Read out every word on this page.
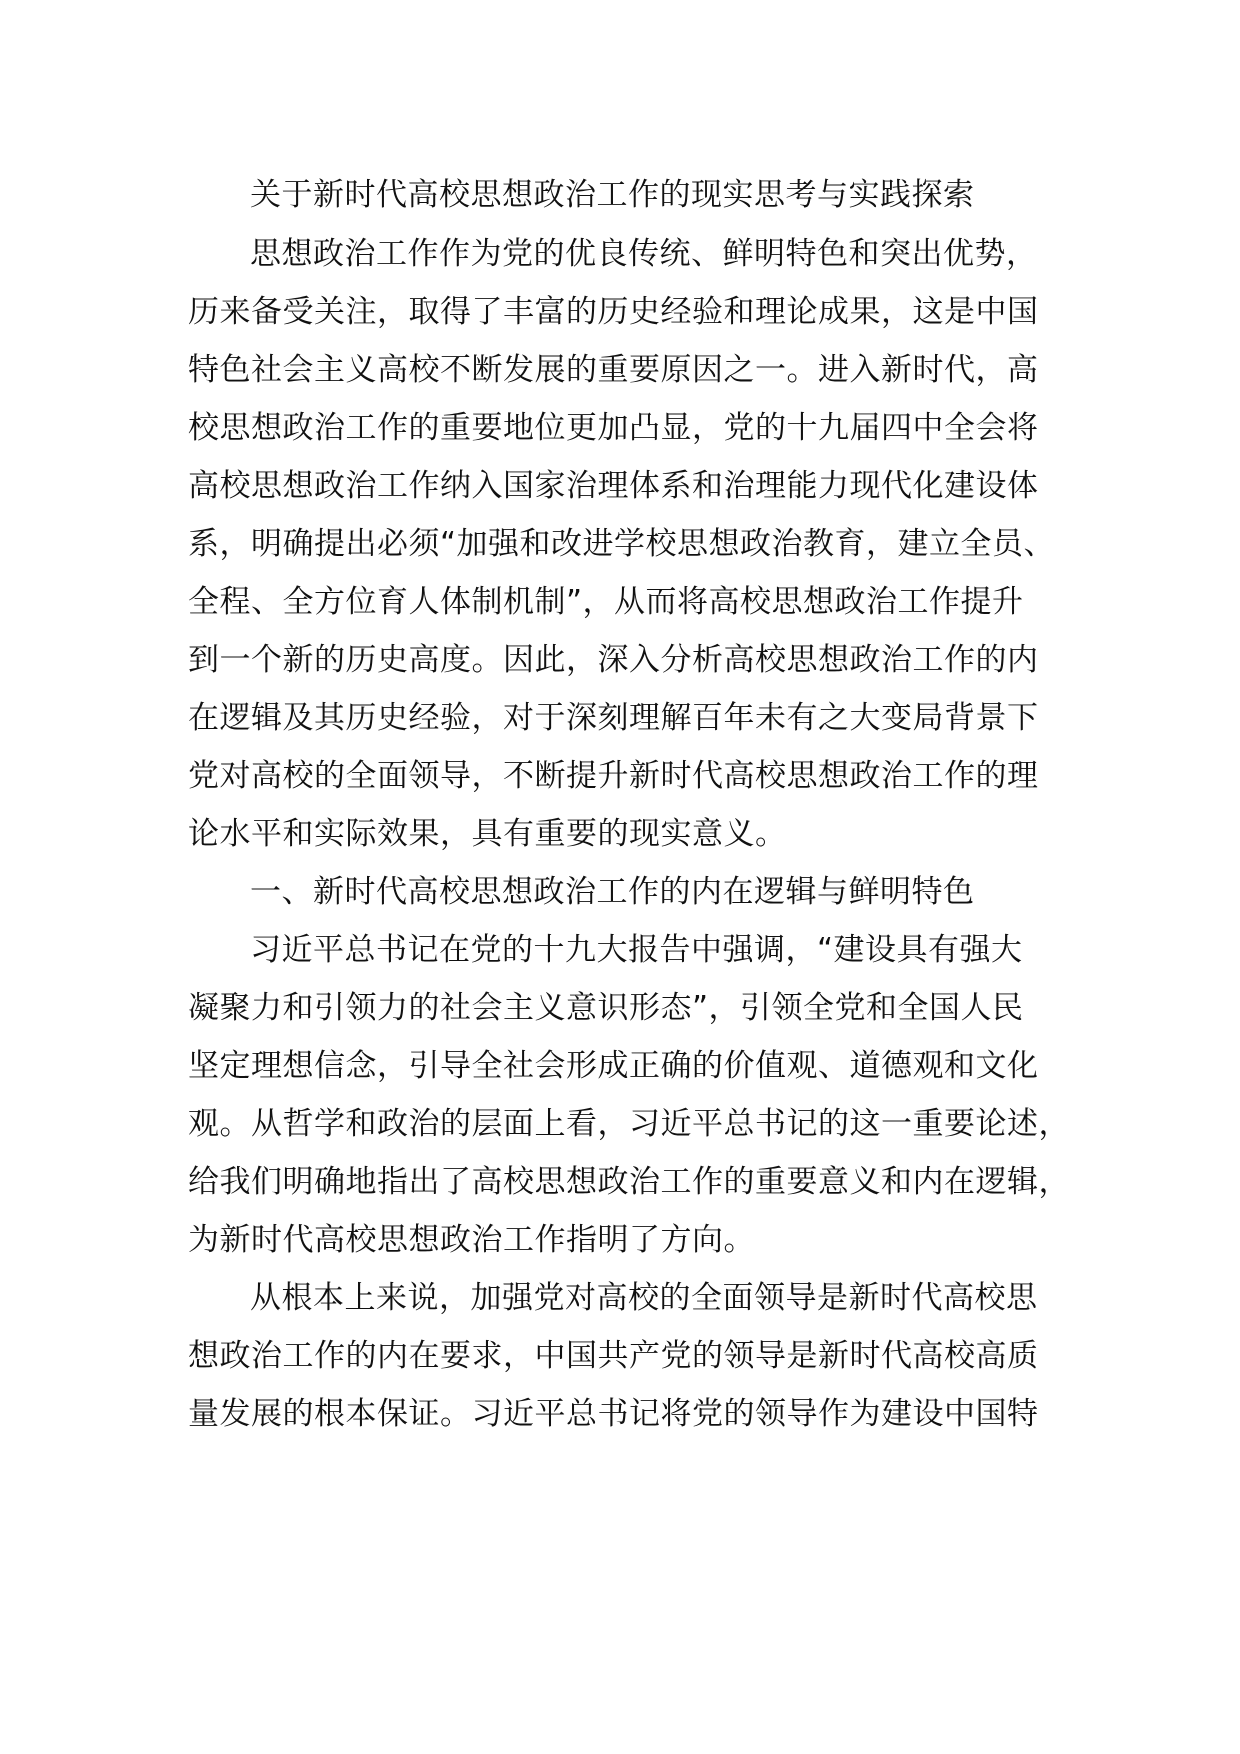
关于新时代高校思想政治工作的现实思考与实践探索
思想政治工作作为党的优良传统、鲜明特色和突出优势，
历来备受关注，取得了丰富的历史经验和理论成果，这是中国
特色社会主义高校不断发展的重要原因之一。进入新时代，高
校思想政治工作的重要地位更加凸显，党的十九届四中全会将
高校思想政治工作纳入国家治理体系和治理能力现代化建设体
系，明确提出必须“加强和改进学校思想政治教育，建立全员、
全程、全方位育人体制机制”，从而将高校思想政治工作提升
到一个新的历史高度。因此，深入分析高校思想政治工作的内
在逻辑及其历史经验，对于深刻理解百年未有之大变局背景下
党对高校的全面领导，不断提升新时代高校思想政治工作的理
论水平和实际效果，具有重要的现实意义。
一、新时代高校思想政治工作的内在逻辑与鲜明特色
习近平总书记在党的十九大报告中强调，“建设具有强大
凝聚力和引领力的社会主义意识形态”，引领全党和全国人民
坚定理想信念，引导全社会形成正确的价值观、道德观和文化
观。从哲学和政治的层面上看，习近平总书记的这一重要论述，
给我们明确地指出了高校思想政治工作的重要意义和内在逻辑，
为新时代高校思想政治工作指明了方向。
从根本上来说，加强党对高校的全面领导是新时代高校思
想政治工作的内在要求，中国共产党的领导是新时代高校高质
量发展的根本保证。习近平总书记将党的领导作为建设中国特
